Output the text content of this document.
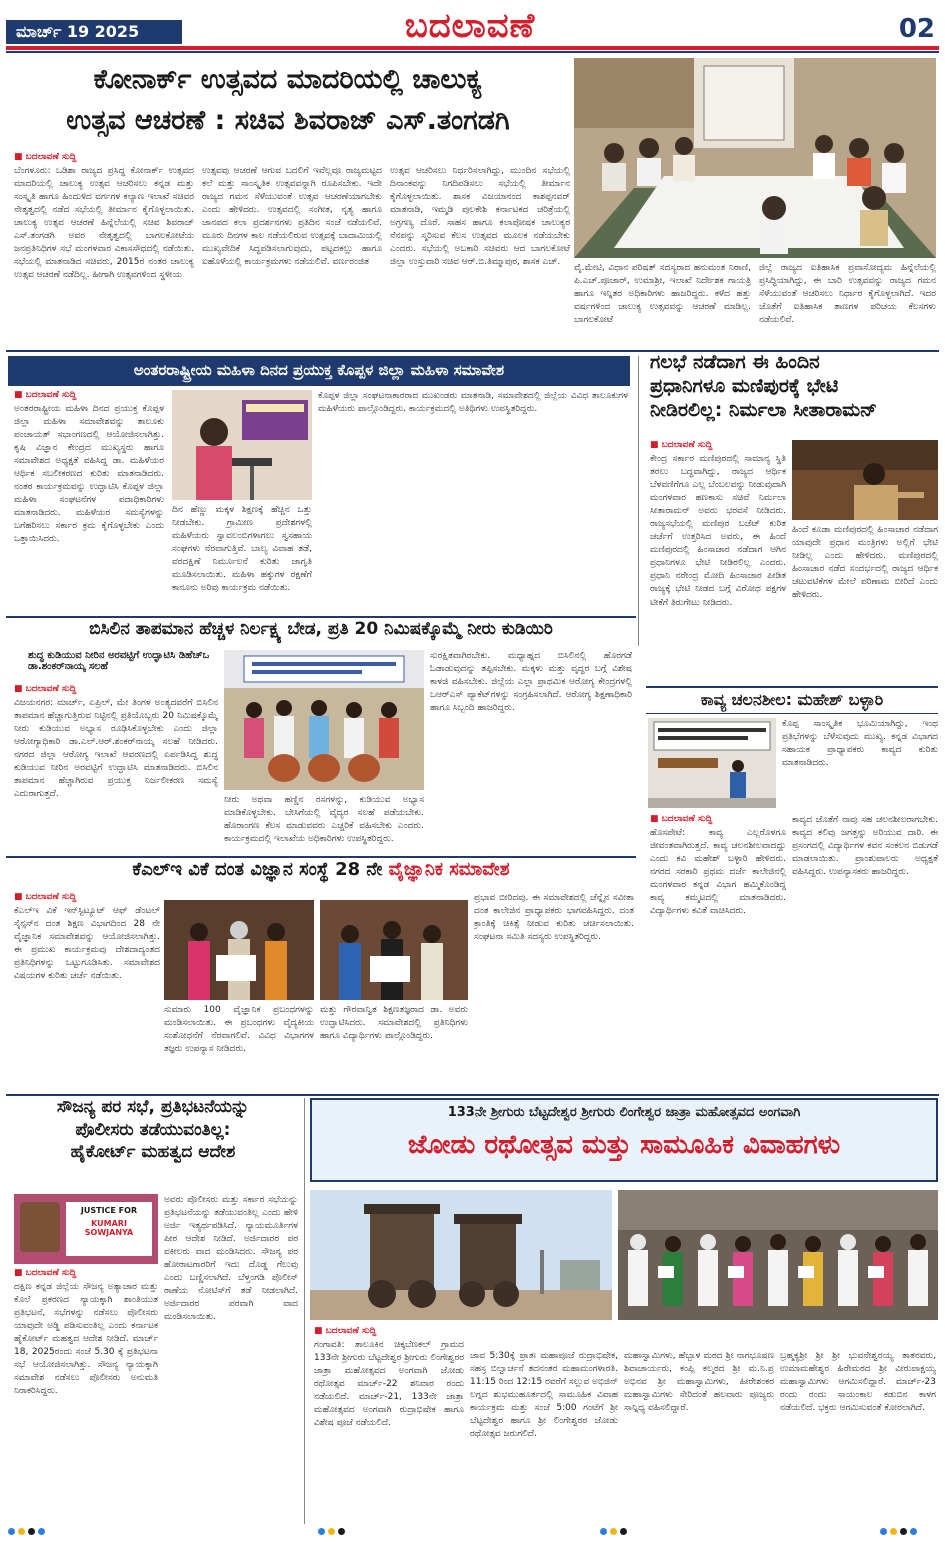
ಮಾರ್ಚ್ 19 2025	ಬದಲಾವಣೆ	02
ಕೋನಾರ್ಕ್ ಉತ್ಸವದ ಮಾದರಿಯಲ್ಲಿ ಚಾಲುಕ್ಯ
ಉತ್ಸವ ಆಚರಣೆ : ಸಚಿವ ಶಿವರಾಜ್ ಎಸ್.ತಂಗಡಗಿ
■ ಬದಲಾವಣೆ ಸುದ್ದಿ
ಬೆಂಗಳೂರು: ಒಡಿಶಾ ರಾಜ್ಯದ ಪ್ರಸಿದ್ಧ ಕೋನಾರ್ಕ್ ಉತ್ಸವದ ಮಾದರಿಯಲ್ಲಿ ಚಾಲುಕ್ಯ ಉತ್ಸವ ಆಚರಿಸಲು ಕನ್ನಡ ಮತ್ತು ಸಂಸ್ಕೃತಿ ಹಾಗೂ ಹಿಂದುಳಿದ ವರ್ಗಗಳ ಕಲ್ಯಾಣ ಇಲಾಖೆ ಸಚಿವರ ನೇತೃತ್ವದಲ್ಲಿ ನಡೆದ ಸಭೆಯಲ್ಲಿ ತೀರ್ಮಾನ ಕೈಗೊಳ್ಳಲಾಯಿತು. ಚಾಲುಕ್ಯ ಉತ್ಸವ ಆಚರಣೆ ಹಿನ್ನೆಲೆಯಲ್ಲಿ ಸಚಿವ ಶಿವರಾಜ್ ಎಸ್.ತಂಗಡಗಿ ಅವರ ನೇತೃತ್ವದಲ್ಲಿ ಬಾಗಲಕೋಟೆಯ ಜನಪ್ರತಿನಿಧಿಗಳ ಸಭೆ ಮಂಗಳವಾರ ವಿಕಾಸಸೌಧದಲ್ಲಿ ನಡೆಯಿತು. ಸಭೆಯಲ್ಲಿ ಮಾತನಾಡಿದ ಸಚಿವರು, 2015ರ ನಂತರ ಚಾಲುಕ್ಯ ಉತ್ಸವ ಆಚರಣೆ ನಡೆದಿಲ್ಲ. ಹೀಗಾಗಿ ಉತ್ಸವಗಳಿಂದ ಸ್ಥಳೀಯ
ಉತ್ಸವವು ಆಚರಣೆ ಆಗುವ ಬದಲಿಗೆ ಇವೆಲ್ಲವೂ ರಾಜ್ಯಮಟ್ಟದ ಕಲೆ ಮತ್ತು ಸಾಂಸ್ಕೃತಿಕ ಉತ್ಸವವನ್ನಾಗಿ ರೂಪಿಸಬೇಕು. ಇದೇ ರಾಜ್ಯದ ಗಮನ ಸೆಳೆಯುವಂತೆ ಉತ್ಸವ ಆಚರಣೆಯಾಗಬೇಕು ಎಂದು ಹೇಳಿದರು. ಉತ್ಸವದಲ್ಲಿ ಸಂಗೀತ, ನೃತ್ಯ ಹಾಗೂ ಜಾನಪದ ಕಲಾ ಪ್ರದರ್ಶನಗಳು ಪ್ರತಿದಿನ ಸಂಜೆ ನಡೆಯಲಿವೆ. ಮೂರು ದಿನಗಳ ಕಾಲ ನಡೆಯಲಿರುವ ಉತ್ಸವಕ್ಕೆ ಬಾದಾಮಿಯಲ್ಲಿ ಮುಖ್ಯವೇದಿಕೆ ಸಿದ್ಧಪಡಿಸಲಾಗುವುದು, ಪಟ್ಟದಕಲ್ಲು ಹಾಗೂ ಐಹೊಳೆಯಲ್ಲಿ ಕಾರ್ಯಕ್ರಮಗಳು ನಡೆಯಲಿವೆ. ವರ್ಣರಂಜಿತ
ಉತ್ಸವ ಆಚರಿಸಲು ನಿರ್ಧರಿಸಲಾಗಿದ್ದು, ಮುಂದಿನ ಸಭೆಯಲ್ಲಿ ದಿನಾಂಕವನ್ನು ನಿಗದಿಪಡಿಸಲು ಸಭೆಯಲ್ಲಿ ತೀರ್ಮಾನ ಕೈಗೊಳ್ಳಲಾಯಿತು. ಶಾಸಕ ವಿಜಯಾನಂದ ಕಾಶಪ್ಪನವರ್ ಮಾತನಾಡಿ, ಇಮ್ಮಡಿ ಪುಲಕೇಶಿ ಕರ್ನಾಟಕದ ಚರಿತ್ರೆಯಲ್ಲಿ ಅಗ್ರಗಣ್ಯ ದೊರೆ. ಸಾಹಸ ಹಾಗೂ ಕಲಾಪೋಷಕ ಚಾಲುಕ್ಯರ ನೆನಪನ್ನು ಸ್ಮರಿಸುವ ಕೆಲಸ ಉತ್ಸವದ ಮೂಲಕ ನಡೆಯಬೇಕು ಎಂದರು. ಸಭೆಯಲ್ಲಿ ಅಬಕಾರಿ ಸಚಿವರು ಆದ ಬಾಗಲಕೋಟೆ ಜಿಲ್ಲಾ ಉಸ್ತುವಾರಿ ಸಚಿವ ಆರ್.ಬಿ.ತಿಮ್ಮಾಪುರ, ಶಾಸಕ ಎಚ್.
ವೈ.ಮೇಟಿ, ವಿಧಾನ ಪರಿಷತ್ ಸದಸ್ಯರಾದ ಹನುಮಂತ ನಿರಾಣಿ, ಪಿ.ಎಚ್.ಪೂಜಾರ್, ಉಮಾಶ್ರೀ, ಇಲಾಖೆ ನಿರ್ದೇಶಕ ಗಾಯತ್ರಿ ಹಾಗೂ ಇನ್ನಿತರ ಅಧಿಕಾರಿಗಳು ಹಾಜರಿದ್ದರು. ಕಳೆದ ಹತ್ತು ವರ್ಷಗಳಿಂದ ಚಾಲುಕ್ಯ ಉತ್ಸವವನ್ನು ಆಚರಣೆ ಮಾಡಿಲ್ಲ. ಬಾಗಲಕೋಟೆ
ಜಿಲ್ಲೆ ರಾಜ್ಯದ ಐತಿಹಾಸಿಕ ಪ್ರವಾಸೋದ್ಯಮ ಹಿನ್ನೆಲೆಯಲ್ಲಿ ಪ್ರಸಿದ್ಧಿಯಾಗಿದ್ದು, ಈ ಬಾರಿ ಉತ್ಸವವನ್ನು ರಾಜ್ಯದ ಗಮನ ಸೆಳೆಯುವಂತೆ ಆಚರಿಸಲು ನಿರ್ಧಾರ ಕೈಗೊಳ್ಳಲಾಗಿದೆ. ಇದರ ಜೊತೆಗೆ ಐತಿಹಾಸಿಕ ತಾಣಗಳ ಪರಿಚಯ ಕೆಲಸಗಳು ನಡೆಯಲಿವೆ.
ಅಂತರರಾಷ್ಟ್ರೀಯ ಮಹಿಳಾ ದಿನದ ಪ್ರಯುಕ್ತ ಕೊಪ್ಪಳ ಜಿಲ್ಲಾ ಮಹಿಳಾ ಸಮಾವೇಶ
■ ಬದಲಾವಣೆ ಸುದ್ದಿ
ಅಂತರರಾಷ್ಟ್ರೀಯ ಮಹಿಳಾ ದಿನದ ಪ್ರಯುಕ್ತ ಕೊಪ್ಪಳ ಜಿಲ್ಲಾ ಮಹಿಳಾ ಸಮಾವೇಶವನ್ನು ತಾಲೂಕು ಪಂಚಾಯತ್ ಸಭಾಂಗಣದಲ್ಲಿ ಆಯೋಜಿಸಲಾಗಿತ್ತು. ಕೃಷಿ ವಿಜ್ಞಾನ ಕೇಂದ್ರದ ಮುಖ್ಯಸ್ಥರು ಹಾಗೂ ಸಮಾವೇಶದ ಅಧ್ಯಕ್ಷತೆ ವಹಿಸಿದ್ದ ಡಾ. ಮಹಿಳೆಯರ ಆರ್ಥಿಕ ಸಬಲೀಕರಣದ ಕುರಿತು ಮಾತನಾಡಿದರು. ನಂತರ ಕಾರ್ಯಕ್ರಮವನ್ನು ಉದ್ಘಾಟಿಸಿ ಕೊಪ್ಪಳ ಜಿಲ್ಲಾ ಮಹಿಳಾ ಸಂಘಟನೆಗಳ ಪದಾಧಿಕಾರಿಗಳು ಮಾತನಾಡಿದರು. ಮಹಿಳೆಯರ ಸಮಸ್ಯೆಗಳನ್ನು ಬಗೆಹರಿಸಲು ಸರ್ಕಾರ ಕ್ರಮ ಕೈಗೊಳ್ಳಬೇಕು ಎಂದು ಒತ್ತಾಯಿಸಿದರು.
ದಿನ ಹೆಣ್ಣು ಮಕ್ಕಳ ಶಿಕ್ಷಣಕ್ಕೆ ಹೆಚ್ಚಿನ ಒತ್ತು ನೀಡಬೇಕು. ಗ್ರಾಮೀಣ ಪ್ರದೇಶಗಳಲ್ಲಿ ಮಹಿಳೆಯರು ಸ್ವಾವಲಂಬಿಗಳಾಗಲು ಸ್ವಸಹಾಯ ಸಂಘಗಳು ನೆರವಾಗುತ್ತಿವೆ. ಬಾಲ್ಯ ವಿವಾಹ ತಡೆ, ವರದಕ್ಷಿಣೆ ನಿರ್ಮೂಲನೆ ಕುರಿತು ಜಾಗೃತಿ ಮೂಡಿಸಲಾಯಿತು. ಮಹಿಳಾ ಹಕ್ಕುಗಳ ರಕ್ಷಣೆಗೆ ಕಾನೂನು ಅರಿವು ಕಾರ್ಯಕ್ರಮ ನಡೆಯಿತು.
ಕೊಪ್ಪಳ ಜಿಲ್ಲಾ ಸಂಘಟನಾಕಾರರಾದ ಮುಖಂಡರು ಮಾತನಾಡಿ, ಸಮಾವೇಶದಲ್ಲಿ ಜಿಲ್ಲೆಯ ವಿವಿಧ ತಾಲೂಕುಗಳ ಮಹಿಳೆಯರು ಪಾಲ್ಗೊಂಡಿದ್ದರು. ಕಾರ್ಯಕ್ರಮದಲ್ಲಿ ಅತಿಥಿಗಳು ಉಪಸ್ಥಿತರಿದ್ದರು.
ಗಲಭೆ ನಡೆದಾಗ ಈ ಹಿಂದಿನ
ಪ್ರಧಾನಿಗಳೂ ಮಣಿಪುರಕ್ಕೆ ಭೇಟಿ
ನೀಡಿರಲಿಲ್ಲ: ನಿರ್ಮಲಾ ಸೀತಾರಾಮನ್
■ ಬದಲಾವಣೆ ಸುದ್ದಿ
ಕೇಂದ್ರ ಸರ್ಕಾರ ಮಣಿಪುರದಲ್ಲಿ ಸಾಮಾನ್ಯ ಸ್ಥಿತಿ ತರಲು ಬದ್ಧವಾಗಿದ್ದು, ರಾಜ್ಯದ ಆರ್ಥಿಕ ಬೆಳವಣಿಗೆಗೂ ಎಲ್ಲ ಬೆಂಬಲವನ್ನು ನೀಡುವುದಾಗಿ ಮಂಗಳವಾರ ಹಣಕಾಸು ಸಚಿವೆ ನಿರ್ಮಲಾ ಸೀತಾರಾಮನ್ ಅವರು ಭರವಸೆ ನೀಡಿದರು. ರಾಜ್ಯಸಭೆಯಲ್ಲಿ ಮಣಿಪುರ ಬಜೆಟ್ ಕುರಿತ ಚರ್ಚೆಗೆ ಉತ್ತರಿಸಿದ ಅವರು, ಈ ಹಿಂದೆ ಮಣಿಪುರದಲ್ಲಿ ಹಿಂಸಾಚಾರ ನಡೆದಾಗ ಆಗಿನ ಪ್ರಧಾನಿಗಳೂ ಭೇಟಿ ನೀಡಿರಲಿಲ್ಲ ಎಂದರು. ಪ್ರಧಾನಿ ನರೇಂದ್ರ ಮೋದಿ ಹಿಂಸಾಚಾರ ಪೀಡಿತ ರಾಜ್ಯಕ್ಕೆ ಭೇಟಿ ನೀಡದ ಬಗ್ಗೆ ವಿರೋಧ ಪಕ್ಷಗಳ ಟೀಕೆಗೆ ತಿರುಗೇಟು ನೀಡಿದರು.
ಹಿಂದೆ ಕೂಡಾ ಮಣಿಪುರದಲ್ಲಿ ಹಿಂಸಾಚಾರ ನಡೆದಾಗ ಯಾವುದೇ ಪ್ರಧಾನ ಮಂತ್ರಿಗಳು ಅಲ್ಲಿಗೆ ಭೇಟಿ ನೀಡಿಲ್ಲ ಎಂದು ಹೇಳಿದರು. ಮಣಿಪುರದಲ್ಲಿ ಹಿಂಸಾಚಾರ ನಡೆದ ಸಂದರ್ಭದಲ್ಲಿ ರಾಜ್ಯದ ಆರ್ಥಿಕ ಚಟುವಟಿಕೆಗಳ ಮೇಲೆ ಪರಿಣಾಮ ಬೀರಿದೆ ಎಂದು ಹೇಳಿದರು.
ಬಿಸಿಲಿನ ತಾಪಮಾನ ಹೆಚ್ಚಳ ನಿರ್ಲಕ್ಷ್ಯ ಬೇಡ, ಪ್ರತಿ 20 ನಿಮಿಷಕ್ಕೊಮ್ಮೆ ನೀರು ಕುಡಿಯಿರಿ
ಶುದ್ಧ ಕುಡಿಯುವ ನೀರಿನ ಅರವಟ್ಟಿಗೆ ಉದ್ಘಾಟಿಸಿ ಡಿಹೆಚ್ಒ ಡಾ.ಶಂಕರ್‌ನಾಯ್ಕ ಸಲಹೆ
■ ಬದಲಾವಣೆ ಸುದ್ದಿ
ವಿಜಯನಗರ: ಮಾರ್ಚ್, ಏಪ್ರಿಲ್, ಮೇ ತಿಂಗಳ ಅಂತ್ಯದವರೆಗೆ ಬಿಸಿಲಿನ ತಾಪಮಾನ ಹೆಚ್ಚಾಗುತ್ತಿರುವ ನಿಟ್ಟಿನಲ್ಲಿ ಪ್ರತಿಯೊಬ್ಬರು 20 ನಿಮಿಷಕ್ಕೊಮ್ಮೆ ನೀರು ಕುಡಿಯುವ ಅಭ್ಯಾಸ ರೂಢಿಸಿಕೊಳ್ಳಬೇಕು ಎಂದು ಜಿಲ್ಲಾ ಆರೋಗ್ಯಾಧಿಕಾರಿ ಡಾ.ಎಲ್.ಆರ್.ಶಂಕರ್‌ನಾಯ್ಕ ಸಲಹೆ ನೀಡಿದರು. ನಗರದ ಜಿಲ್ಲಾ ಆರೋಗ್ಯ ಇಲಾಖೆ ಆವರಣದಲ್ಲಿ ಏರ್ಪಡಿಸಿದ್ದ ಶುದ್ಧ ಕುಡಿಯುವ ನೀರಿನ ಅರವಟ್ಟಿಗೆ ಉದ್ಘಾಟಿಸಿ ಮಾತನಾಡಿದರು. ಬಿಸಿಲಿನ ತಾಪಮಾನ ಹೆಚ್ಚಾಗಿರುವ ಪ್ರಯುಕ್ತ ನಿರ್ಜಲೀಕರಣ ಸಮಸ್ಯೆ ಎದುರಾಗುತ್ತದೆ.
ನೀರು ಅಥವಾ ಹಣ್ಣಿನ ರಸಗಳನ್ನು, ಕುಡಿಯುವ ಅಭ್ಯಾಸ ಮಾಡಿಕೊಳ್ಳಬೇಕು. ಬೇಸಿಗೆಯಲ್ಲಿ ವೈದ್ಯರ ಸಲಹೆ ಪಡೆಯಬೇಕು. ಹೊರಾಂಗಣ ಕೆಲಸ ಮಾಡುವವರು ಎಚ್ಚರಿಕೆ ವಹಿಸಬೇಕು ಎಂದರು. ಕಾರ್ಯಕ್ರಮದಲ್ಲಿ ಇಲಾಖೆಯ ಅಧಿಕಾರಿಗಳು ಉಪಸ್ಥಿತರಿದ್ದರು.
ಸುರಕ್ಷಿತವಾಗಿರಬೇಕು. ಮಧ್ಯಾಹ್ನದ ಬಿಸಿಲಿನಲ್ಲಿ ಹೊರಗಡೆ ಓಡಾಡುವುದನ್ನು ತಪ್ಪಿಸಬೇಕು. ಮಕ್ಕಳು ಮತ್ತು ವೃದ್ಧರ ಬಗ್ಗೆ ವಿಶೇಷ ಕಾಳಜಿ ವಹಿಸಬೇಕು. ಜಿಲ್ಲೆಯ ಎಲ್ಲಾ ಪ್ರಾಥಮಿಕ ಆರೋಗ್ಯ ಕೇಂದ್ರಗಳಲ್ಲಿ ಒಆರ್‌ಎಸ್ ಪ್ಯಾಕೆಟ್‌ಗಳನ್ನು ಸಂಗ್ರಹಿಸಲಾಗಿದೆ. ಆರೋಗ್ಯ ಶಿಕ್ಷಣಾಧಿಕಾರಿ ಹಾಗೂ ಸಿಬ್ಬಂದಿ ಹಾಜರಿದ್ದರು.	ಕಾವ್ಯ ಚಲನಶೀಲ: ಮಹೇಶ್ ಬಳ್ಳಾರಿ
ಕೊಪ್ಪ ಸಾಂಸ್ಕೃತಿಕ ಭೂಮಿಯಾಗಿದ್ದು, ಇಂಥ ಪ್ರತಿಭೆಗಳನ್ನು ಬೆಳೆಸುವುದು ಮುಖ್ಯ. ಕನ್ನಡ ವಿಭಾಗದ ಸಹಾಯಕ ಪ್ರಾಧ್ಯಾಪಕರು ಕಾವ್ಯದ ಕುರಿತು ಮಾತನಾಡಿದರು.
■ ಬದಲಾವಣೆ ಸುದ್ದಿ
ಹೊಸಪೇಟೆ: ಕಾವ್ಯ ಎಲ್ಲರೊಳಗೂ ಜೀವಂತವಾಗಿರುತ್ತದೆ. ಕಾವ್ಯ ಚಲನಶೀಲವಾದದ್ದು ಎಂದು ಕವಿ ಮಹೇಶ್ ಬಳ್ಳಾರಿ ಹೇಳಿದರು. ನಗರದ ಸರಕಾರಿ ಪ್ರಥಮ ದರ್ಜೆ ಕಾಲೇಜಿನಲ್ಲಿ ಮಂಗಳವಾರ ಕನ್ನಡ ವಿಭಾಗ ಹಮ್ಮಿಕೊಂಡಿದ್ದ ಕಾವ್ಯ ಕಮ್ಮಟದಲ್ಲಿ ಮಾತನಾಡಿದರು. ವಿದ್ಯಾರ್ಥಿಗಳು ಕವಿತೆ ವಾಚಿಸಿದರು.
ಕಾವ್ಯದ ಜೊತೆಗೆ ನಾವು ಸಹ ಚಲನಶೀಲರಾಗಬೇಕು. ಕಾವ್ಯದ ಕಲಿವು ಜಗತ್ತನ್ನು ಅರಿಯುವ ದಾರಿ. ಈ ಪ್ರಸಂಗದಲ್ಲಿ ವಿದ್ಯಾರ್ಥಿಗಳ ಕವನ ಸಂಕಲನ ಬಿಡುಗಡೆ ಮಾಡಲಾಯಿತು. ಪ್ರಾಂಶುಪಾಲರು ಅಧ್ಯಕ್ಷತೆ ವಹಿಸಿದ್ದರು. ಉಪನ್ಯಾಸಕರು ಹಾಜರಿದ್ದರು.
ಕೆಎಲ್‌ಇ ವಿಕೆ ದಂತ ವಿಜ್ಞಾನ ಸಂಸ್ಥೆ 28 ನೇ ವೈಜ್ಞಾನಿಕ ಸಮಾವೇಶ
■ ಬದಲಾವಣೆ ಸುದ್ದಿ
ಕೆಎಲ್‌ಇ ವಿಕೆ ಇನ್‌ಸ್ಟಿಟ್ಯೂಟ್ ಆಫ್ ಡೆಂಟಲ್ ಸೈನ್ಸಸ್‌ನ ದಂತ ಶಿಕ್ಷಣ ವಿಭಾಗದಿಂದ 28 ನೇ ವೈಜ್ಞಾನಿಕ ಸಮಾವೇಶವನ್ನು ಆಯೋಜಿಸಲಾಗಿತ್ತು. ಈ ಪ್ರಮುಖ ಕಾರ್ಯಕ್ರಮವು ದೇಶದಾದ್ಯಂತದ ಪ್ರತಿನಿಧಿಗಳನ್ನು ಒಟ್ಟುಗೂಡಿಸಿತು. ಸಮಾವೇಶದ ವಿಷಯಗಳ ಕುರಿತು ಚರ್ಚೆ ನಡೆಯಿತು.
ಸುಮಾರು 100 ವೈಜ್ಞಾನಿಕ ಪ್ರಬಂಧಗಳನ್ನು ಮಂಡಿಸಲಾಯಿತು. ಈ ಪ್ರಬಂಧಗಳು ವೈದ್ಯಕೀಯ ಸಂಶೋಧನೆಗೆ ನೆರವಾಗಲಿವೆ. ವಿವಿಧ ವಿಭಾಗಗಳ ತಜ್ಞರು ಉಪನ್ಯಾಸ ನೀಡಿದರು.
ಮತ್ತು ಗೌರವಾನ್ವಿತ ಶಿಕ್ಷಣತಜ್ಞರಾದ ಡಾ. ಅವರು ಉದ್ಘಾಟಿಸಿದರು. ಸಮಾವೇಶದಲ್ಲಿ ಪ್ರತಿನಿಧಿಗಳು ಹಾಗೂ ವಿದ್ಯಾರ್ಥಿಗಳು ಪಾಲ್ಗೊಂಡಿದ್ದರು.
ಪ್ರಭಾವ ಬೀರಿದವು. ಈ ಸಮಾವೇಶದಲ್ಲಿ ಚೆನ್ನೈನ ಸವೀತಾ ದಂತ ಕಾಲೇಜಿನ ಪ್ರಾಧ್ಯಾಪಕರು ಭಾಗವಹಿಸಿದ್ದರು. ದಂತ ಕ್ರಾಂತಿಕ್ಕೆ ಚಿಕಿತ್ಸೆ ನೀಡುವ ಕುರಿತು ಚರ್ಚಿಸಲಾಯಿತು. ಸಂಘಟನಾ ಸಮಿತಿ ಸದಸ್ಯರು ಉಪಸ್ಥಿತರಿದ್ದರು.
ಸೌಜನ್ಯ ಪರ ಸಭೆ, ಪ್ರತಿಭಟನೆಯನ್ನು
ಪೊಲೀಸರು ತಡೆಯುವಂತಿಲ್ಲ:
ಹೈಕೋರ್ಟ್ ಮಹತ್ವದ ಆದೇಶ
JUSTICE FOR
KUMARI SOWJANYA
■ ಬದಲಾವಣೆ ಸುದ್ದಿ
ದಕ್ಷಿಣ ಕನ್ನಡ ಜಿಲ್ಲೆಯ ಸೌಜನ್ಯ ಅತ್ಯಾಚಾರ ಮತ್ತು ಕೊಲೆ ಪ್ರಕರಣದ ನ್ಯಾಯಕ್ಕಾಗಿ ಶಾಂತಿಯುತ ಪ್ರತಿಭಟನೆ, ಸಭೆಗಳನ್ನು ನಡೆಸಲು ಪೊಲೀಸರು ಯಾವುದೇ ಅಡ್ಡಿ ಪಡಿಸುವಂತಿಲ್ಲ ಎಂದು ಕರ್ನಾಟಕ ಹೈಕೋರ್ಟ್ ಮಹತ್ವದ ಆದೇಶ ನೀಡಿದೆ. ಮಾರ್ಚ್ 18, 2025ರಂದು ಸಂಜೆ 5.30 ಕ್ಕೆ ಪ್ರತಿಭಟನಾ ಸಭೆ ಆಯೋಜಿಸಲಾಗಿತ್ತು. ಸೌಜನ್ಯ ನ್ಯಾಯಕ್ಕಾಗಿ ಸಮಾವೇಶ ನಡೆಸಲು ಪೊಲೀಸರು ಅನುಮತಿ ನಿರಾಕರಿಸಿದ್ದರು.
ಅವರು ಪೊಲೀಸರು ಮತ್ತು ಸರ್ಕಾರ ಸಭೆಯನ್ನು ಪ್ರತಿಭಟನೆಯನ್ನು ತಡೆಯುವಂತಿಲ್ಲ ಎಂದು ಹೇಳಿ ಅರ್ಜಿ ಇತ್ಯರ್ಥಪಡಿಸಿದೆ. ನ್ಯಾಯಮೂರ್ತಿಗಳ ಪೀಠ ಆದೇಶ ನೀಡಿದೆ. ಅರ್ಜಿದಾರರ ಪರ ವಕೀಲರು ವಾದ ಮಂಡಿಸಿದರು. ಸೌಜನ್ಯ ಪರ ಹೋರಾಟಗಾರರಿಗೆ ಇದು ದೊಡ್ಡ ಗೆಲುವು ಎಂದು ಬಣ್ಣಿಸಲಾಗಿದೆ. ಬೆಳ್ತಂಗಡಿ ಪೊಲೀಸ್ ಠಾಣೆಯ ನೋಟಿಸ್‌ಗೆ ತಡೆ ನೀಡಲಾಗಿದೆ. ಅರ್ಜಿದಾರರ ಪರವಾಗಿ ವಾದ ಮಂಡಿಸಲಾಯಿತು.
133ನೇ ಶ್ರೀಗುರು ಬೆಟ್ಟದೇಶ್ವರ ಶ್ರೀಗುರು ಲಿಂಗೇಶ್ವರ ಜಾತ್ರಾ ಮಹೋತ್ಸವದ ಅಂಗವಾಗಿ
ಜೋಡು ರಥೋತ್ಸವ ಮತ್ತು ಸಾಮೂಹಿಕ ವಿವಾಹಗಳು
■ ಬದಲಾವಣೆ ಸುದ್ದಿ
ಗಂಗಾವತಿ: ತಾಲೂಕಿನ ಚಿಕ್ಕಬೆಣಕಲ್ ಗ್ರಾಮದ 133ನೇ ಶ್ರೀಗುರು ಬೆಟ್ಟದೇಶ್ವರ ಶ್ರೀಗುರು ಲಿಂಗೇಶ್ವರರ ಜಾತ್ರಾ ಮಹೋತ್ಸವದ ಅಂಗವಾಗಿ ಜೋಡು ರಥೋತ್ಸವ ಮಾರ್ಚ್-22 ಶನಿವಾರ ರಂದು ನಡೆಯಲಿದೆ. ಮಾರ್ಚ್-21, 133ನೇ ಜಾತ್ರಾ ಮಹೋತ್ಸವದ ಅಂಗವಾಗಿ ರುದ್ರಾಭಿಷೇಕ ಹಾಗೂ ವಿಶೇಷ ಪೂಜೆ ನಡೆಯಲಿದೆ.
ಜಾವ 5:30ಕ್ಕೆ ಪ್ರಾತಃ ಮಹಾಪೂಜೆ ರುದ್ರಾಭಿಷೇಕ, ಸಹಸ್ರ ಬಿಲ್ವಾರ್ಚನೆ ತದನಂತರ ಮಹಾಮಂಗಳಾರತಿ. 11:15 ರಿಂದ 12:15 ರವರೆಗೆ ಸಲ್ಲುವ ಅಭಿಜಿನ್ ಲಗ್ನದ ಶುಭಮುಹೂರ್ತದಲ್ಲಿ ಸಾಮೂಹಿಕ ವಿವಾಹ ಕಾರ್ಯಕ್ರಮ ಮತ್ತು ಸಂಜೆ 5:00 ಗಂಟೆಗೆ ಶ್ರೀ ಬೆಟ್ಟದೇಶ್ವರ ಹಾಗೂ ಶ್ರೀ ಲಿಂಗೇಶ್ವರರ ಜೋಡು ರಥೋತ್ಸವ ಜರುಗಲಿದೆ.
ಮಹಾಸ್ವಾಮಿಗಳು, ಹೆಬ್ಬಾಳ ಮಠದ ಶ್ರೀ ನಾಗಭೂಷಣ ಶಿವಾಚಾರ್ಯರು, ಕಂಪ್ಲಿ ಕಲ್ಮಠದ ಶ್ರೀ ಮ.ನಿ.ಪ್ರ ಅಭಿನವ ಶ್ರೀ ಮಹಾಸ್ವಾಮಿಗಳು, ಹೀರೇಶಂಕರ ಮಹಾಸ್ವಾಮಿಗಳು ಸೇರಿದಂತೆ ಹಲವಾರು ಪೂಜ್ಯರು ಸಾನ್ನಿಧ್ಯ ವಹಿಸಲಿದ್ದಾರೆ.
ಬ್ರಹ್ಮಕ್ಯಶ್ರೀ ಶ್ರೀ ಶ್ರೀ ಭುವನೇಶ್ವರಯ್ಯ ತಾತನವರು, ಉಮಾಮಹೇಶ್ವರ ಹಿರೇಮಠದ ಶ್ರೀ ವೀರುಪಾಕ್ಷಯ್ಯ ಮಹಾಸ್ವಾಮಿಗಳು ಆಗಮಿಸಲಿದ್ದಾರೆ. ಮಾರ್ಚ್-23 ರಂದು ರಂದು ಸಾಯಂಕಾಲ ಕಡುಬಿನ ಕಾಳಗ ನಡೆಯಲಿದೆ. ಭಕ್ತರು ಆಗಮಿಸುವಂತೆ ಕೋರಲಾಗಿದೆ.
